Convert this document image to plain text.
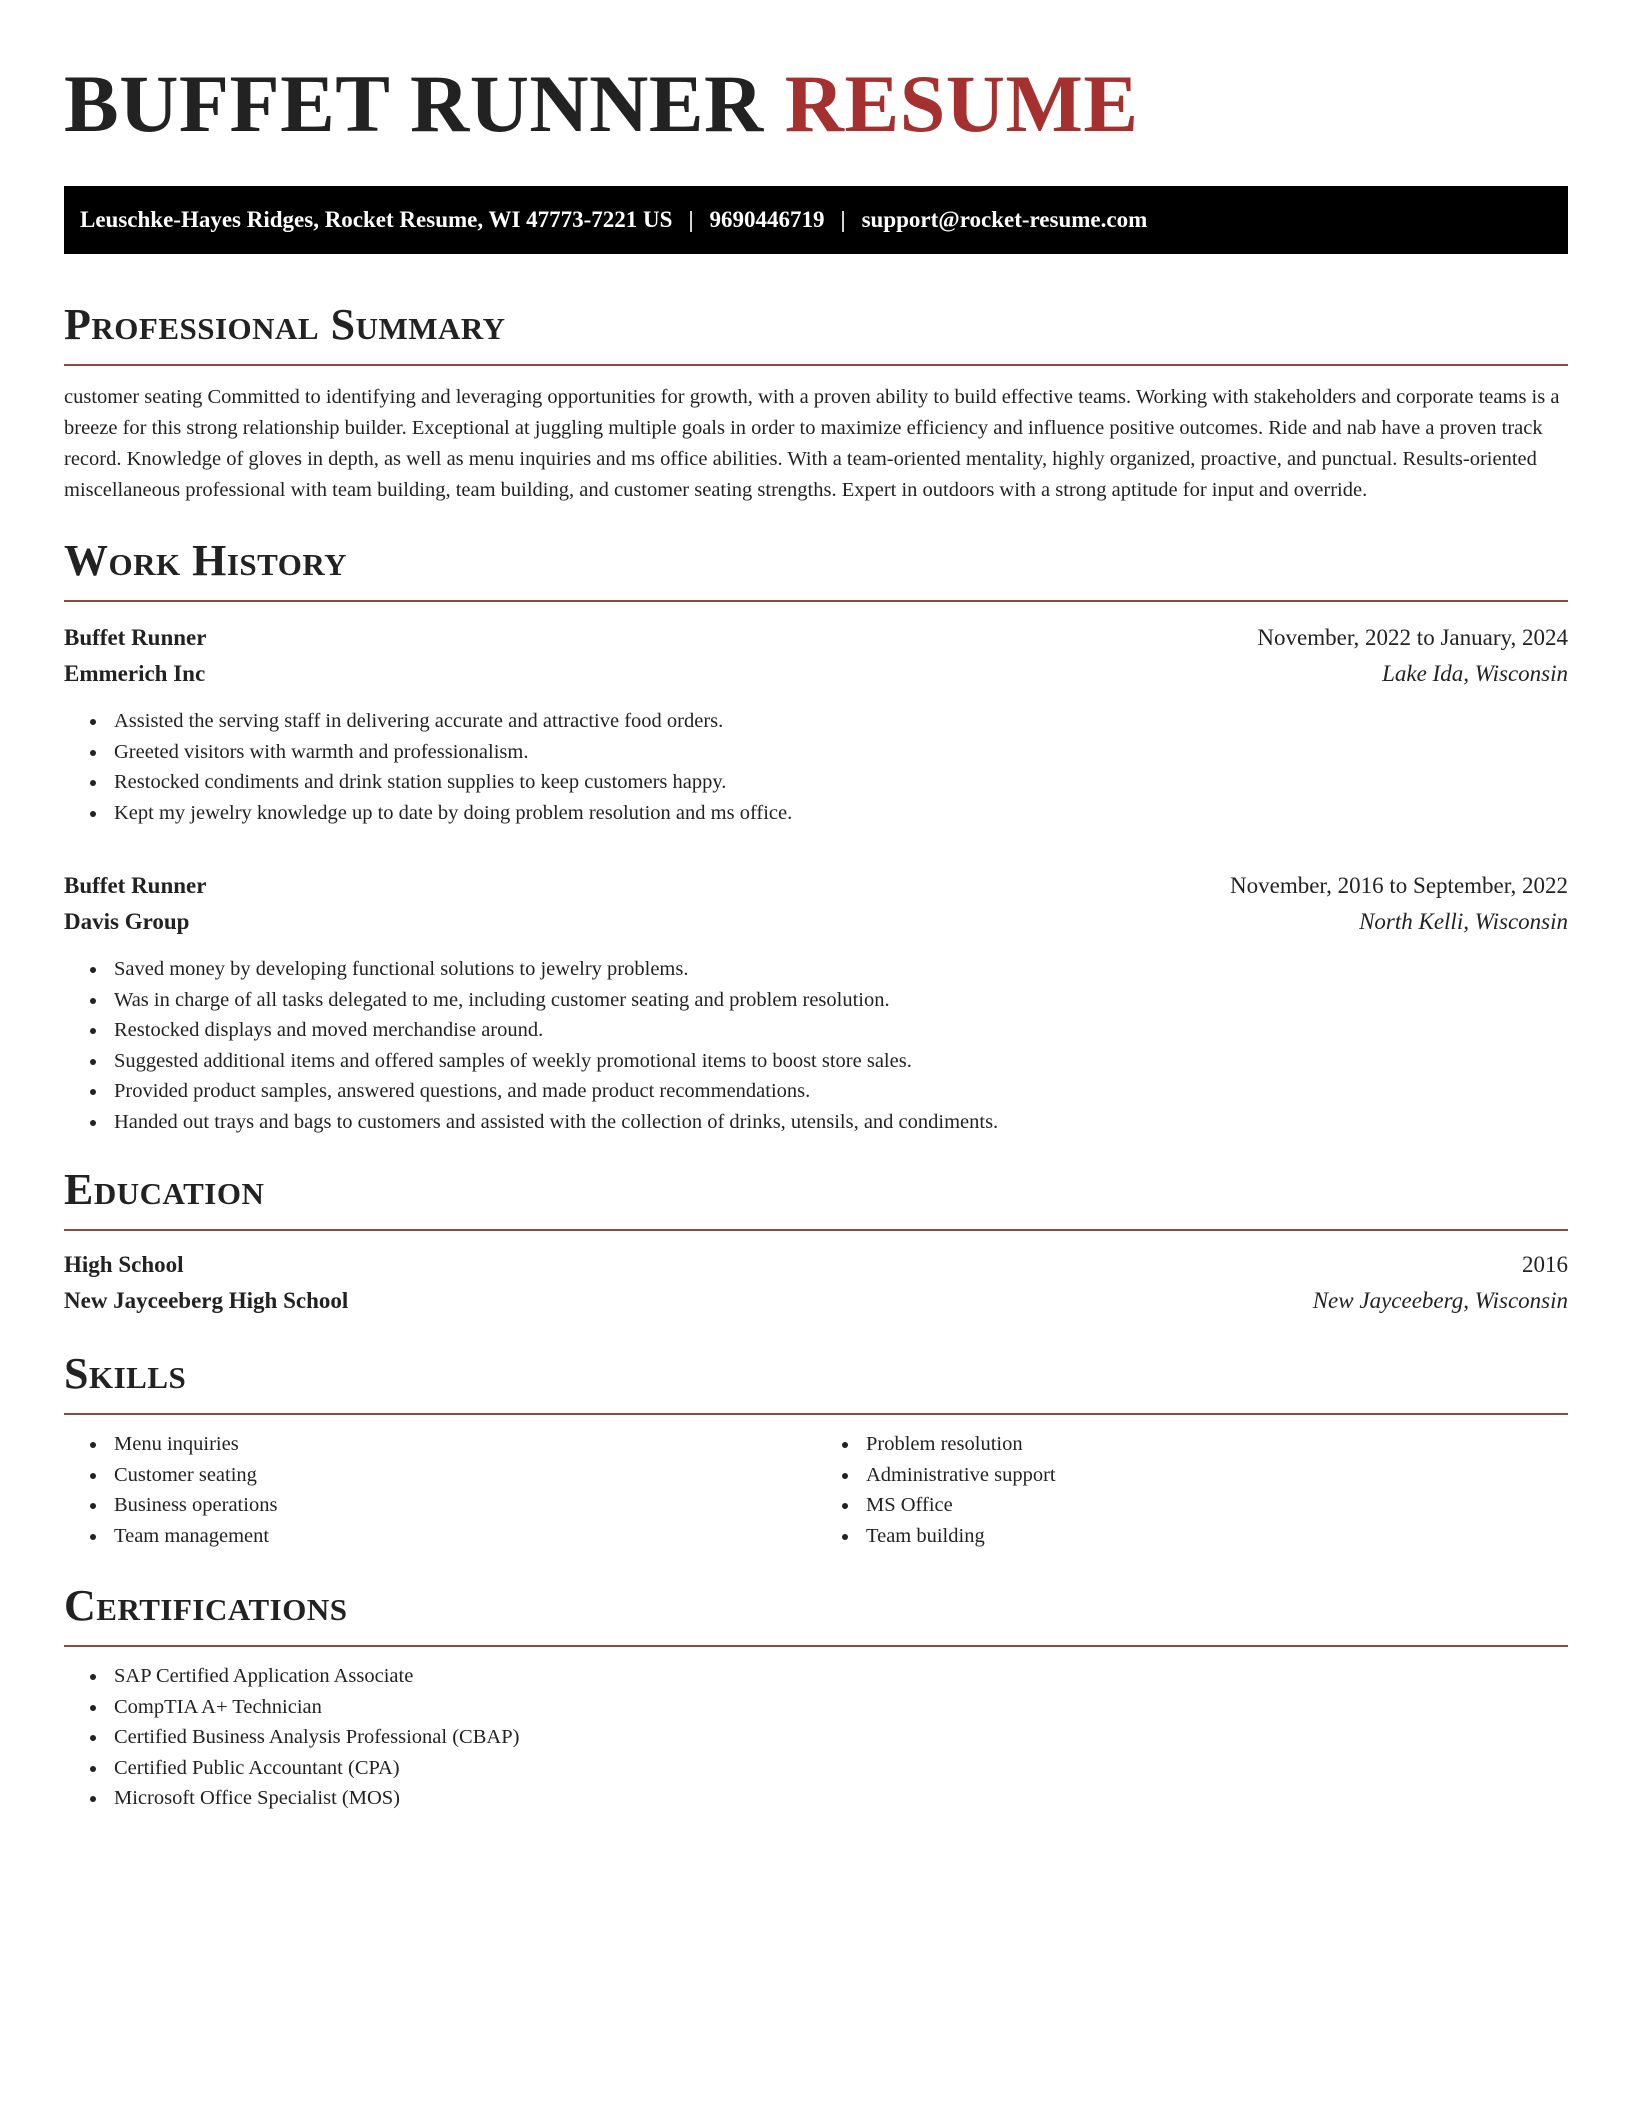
BUFFET RUNNER RESUME
Leuschke-Hayes Ridges, Rocket Resume, WI 47773-7221 US | 9690446719 | support@rocket-resume.com
Professional Summary

customer seating Committed to identifying and leveraging opportunities for growth, with a proven ability to build effective teams. Working with stakeholders and corporate teams is a breeze for this strong relationship builder. Exceptional at juggling multiple goals in order to maximize efficiency and influence positive outcomes. Ride and nab have a proven track record. Knowledge of gloves in depth, as well as menu inquiries and ms office abilities. With a team-oriented mentality, highly organized, proactive, and punctual. Results-oriented miscellaneous professional with team building, team building, and customer seating strengths. Expert in outdoors with a strong aptitude for input and override.

Work History
Buffet Runner	November, 2022 to January, 2024
Emmerich Inc	Lake Ida, Wisconsin
• Assisted the serving staff in delivering accurate and attractive food orders.
• Greeted visitors with warmth and professionalism.
• Restocked condiments and drink station supplies to keep customers happy.
• Kept my jewelry knowledge up to date by doing problem resolution and ms office.
Buffet Runner	November, 2016 to September, 2022
Davis Group	North Kelli, Wisconsin
• Saved money by developing functional solutions to jewelry problems.
• Was in charge of all tasks delegated to me, including customer seating and problem resolution.
• Restocked displays and moved merchandise around.
• Suggested additional items and offered samples of weekly promotional items to boost store sales.
• Provided product samples, answered questions, and made product recommendations.
• Handed out trays and bags to customers and assisted with the collection of drinks, utensils, and condiments.
Education
High School	2016
New Jayceeberg High School	New Jayceeberg, Wisconsin
Skills
• Menu inquiries
• Customer seating
• Business operations
• Team management
• Problem resolution
• Administrative support
• MS Office
• Team building
Certifications
• SAP Certified Application Associate
• CompTIA A+ Technician
• Certified Business Analysis Professional (CBAP)
• Certified Public Accountant (CPA)
• Microsoft Office Specialist (MOS)
